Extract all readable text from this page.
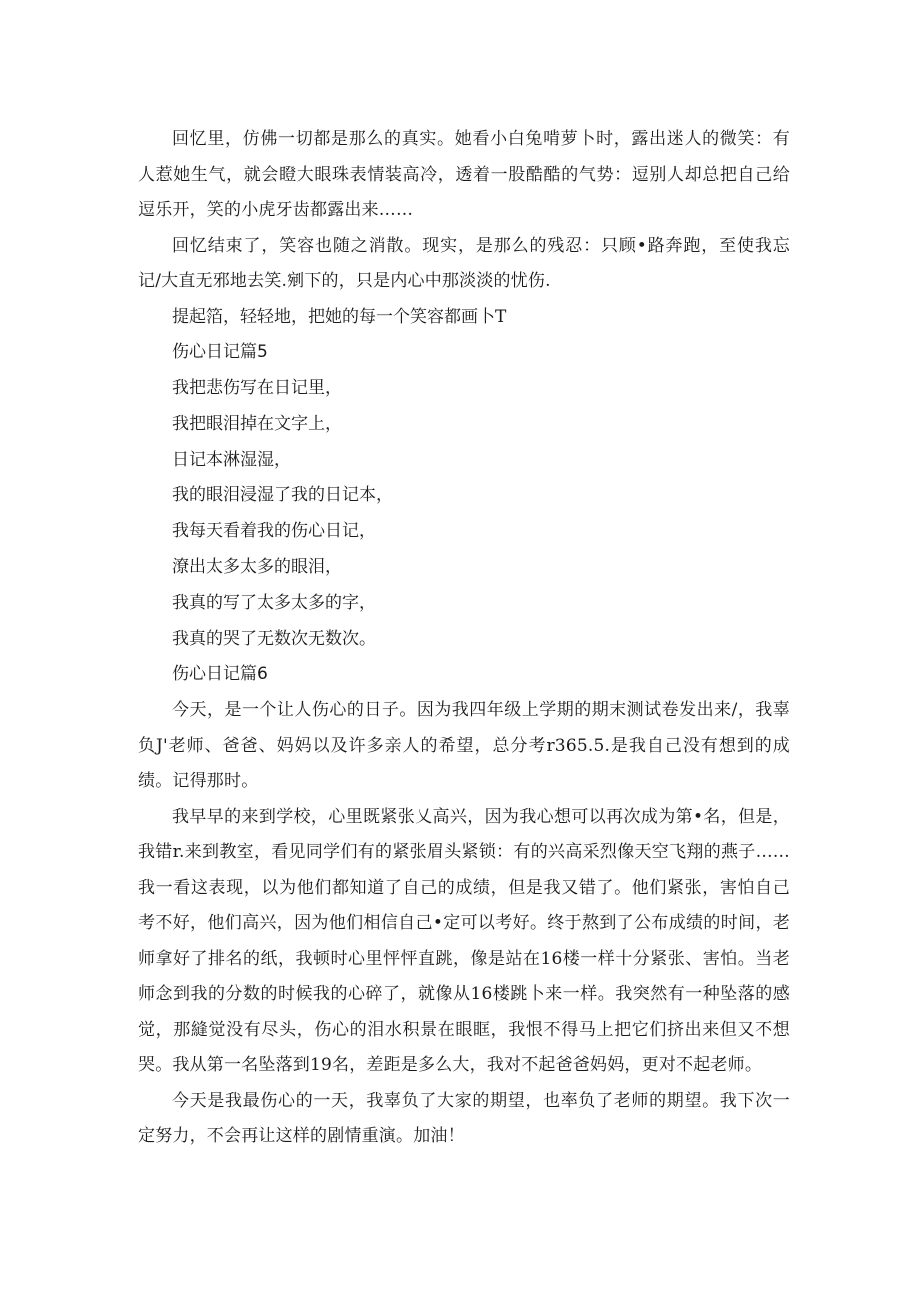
回忆里，仿佛一切都是那么的真实。她看小白兔啃萝卜时，露出迷人的微笑：有人惹她生气，就会瞪大眼珠表情装高冷，透着一股酷酷的气势：逗别人却总把自己给逗乐开，笑的小虎牙齿都露出来……

回忆结束了，笑容也随之消散。现实，是那么的残忍：只顾•路奔跑，至使我忘记/大直无邪地去笑.剜下的，只是内心中那淡淡的忧伤.

提起箔，轻轻地，把她的每一个笑容都画卜T

伤心日记篇5

我把悲伤写在日记里，

我把眼泪掉在文字上，

日记本淋湿湿，

我的眼泪浸湿了我的日记本，

我每天看着我的伤心日记，

潦出太多太多的眼泪，

我真的写了太多太多的字，

我真的哭了无数次无数次。

伤心日记篇6

今天，是一个让人伤心的日子。因为我四年级上学期的期末测试卷发出来/，我辜负J'老师、爸爸、妈妈以及许多亲人的希望，总分考r365.5.是我自己没有想到的成绩。记得那时。

我早早的来到学校，心里既紧张乂高兴，因为我心想可以再次成为第•名，但是，我错r.来到教室，看见同学们有的紧张眉头紧锁：有的兴高采烈像天空飞翔的燕子……我一看这表现，以为他们都知道了自己的成绩，但是我又错了。他们紧张，害怕自己考不好，他们高兴，因为他们相信自己•定可以考好。终于熬到了公布成绩的时间，老师拿好了排名的纸，我顿时心里怦怦直跳，像是站在16楼一样十分紧张、害怕。当老师念到我的分数的时候我的心碎了，就像从16楼跳卜来一样。我突然有一种坠落的感觉，那縫觉没有尽头，伤心的泪水积景在眼眶，我恨不得马上把它们挤出来但又不想哭。我从第一名坠落到19名，差距是多么大，我对不起爸爸妈妈，更对不起老师。

今天是我最伤心的一天，我辜负了大家的期望，也率负了老师的期望。我下次一定努力，不会再让这样的剧情重演。加油！
